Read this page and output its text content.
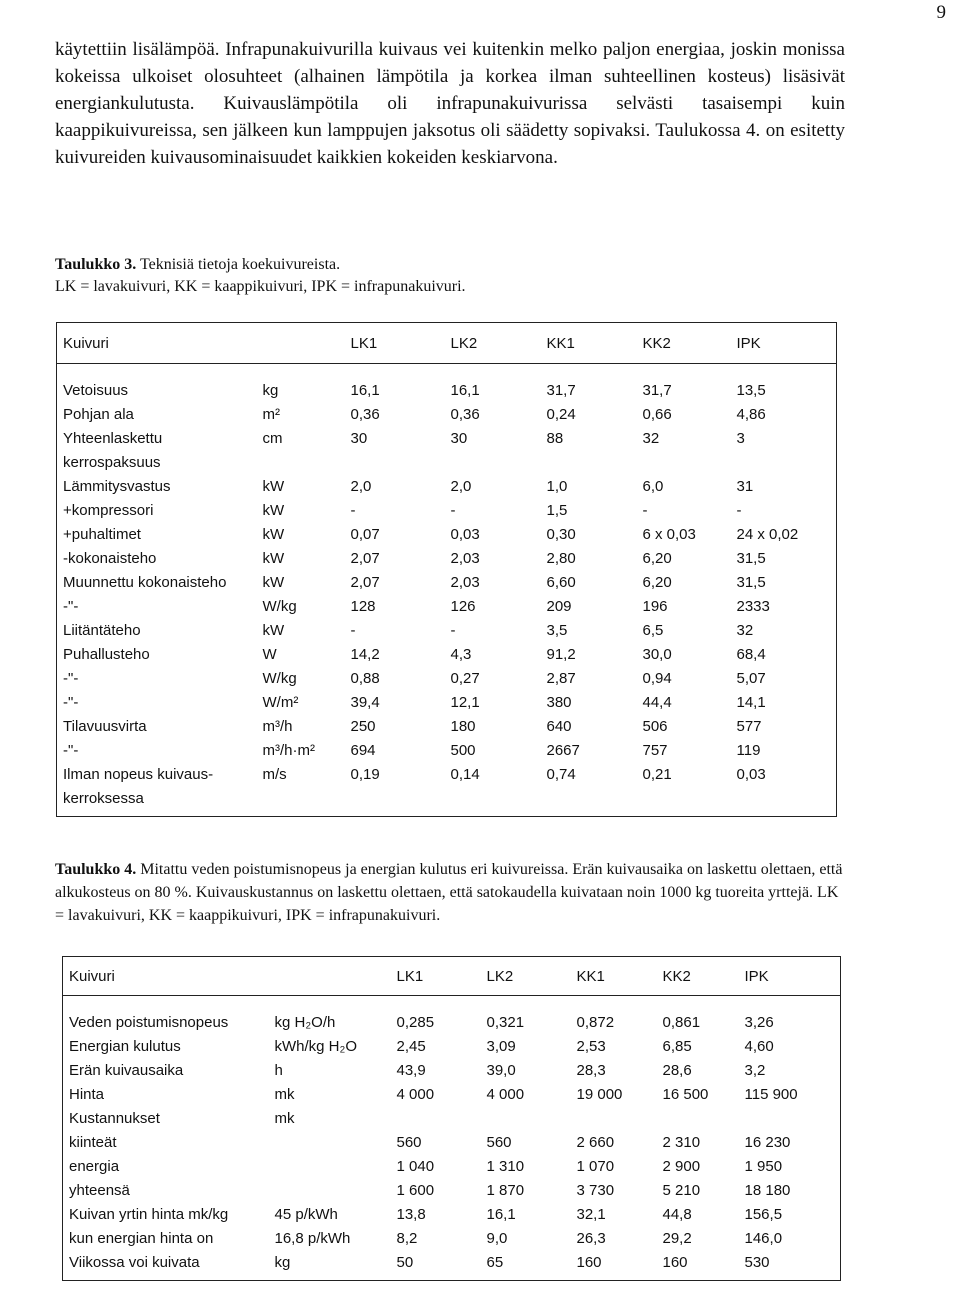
9

käytettiin lisälämpöä. Infrapunakuivurilla kuivaus vei kuitenkin melko paljon energiaa, joskin monissa kokeissa ulkoiset olosuhteet (alhainen lämpötila ja korkea ilman suhteellinen kosteus) lisäsivät energiankulutusta. Kuivauslämpötila oli infrapunakuivurissa selvästi tasaisempi kuin kaappikuivureissa, sen jälkeen kun lamppujen jaksotus oli säädetty sopivaksi. Taulukossa 4. on esitetty kuivureiden kuivausominaisuudet kaikkien kokeiden keskiarvona.

Taulukko 3. Teknisiä tietoja koekuivureista.
LK = lavakuivuri, KK = kaappikuivuri, IPK = infrapunakuivuri.

Kuivuri		LK1	LK2	KK1	KK2	IPK
Vetoisuus	kg	16,1	16,1	31,7	31,7	13,5
Pohjan ala	m²	0,36	0,36	0,24	0,66	4,86
Yhteenlaskettu	cm	30	30	88	32	3
kerrospaksuus						
Lämmitysvastus	kW	2,0	2,0	1,0	6,0	31
+kompressori	kW	-	-	1,5	-	-
+puhaltimet	kW	0,07	0,03	0,30	6 x 0,03	24 x 0,02
-kokonaisteho	kW	2,07	2,03	2,80	6,20	31,5
Muunnettu kokonaisteho	kW	2,07	2,03	6,60	6,20	31,5
-"-	W/kg	128	126	209	196	2333
Liitäntäteho	kW	-	-	3,5	6,5	32
Puhallusteho	W	14,2	4,3	91,2	30,0	68,4
-"-	W/kg	0,88	0,27	2,87	0,94	5,07
-"-	W/m²	39,4	12,1	380	44,4	14,1
Tilavuusvirta	m³/h	250	180	640	506	577
-"-	m³/h·m²	694	500	2667	757	119
Ilman nopeus kuivaus-	m/s	0,19	0,14	0,74	0,21	0,03
kerroksessa						

Taulukko 4. Mitattu veden poistumisnopeus ja energian kulutus eri kuivureissa. Erän kuivausaika on laskettu olettaen, että alkukosteus on 80 %. Kuivauskustannus on laskettu olettaen, että satokaudella kuivataan noin 1000 kg tuoreita yrttejä. LK = lavakuivuri, KK = kaappikuivuri, IPK = infrapunakuivuri.

Kuivuri		LK1	LK2	KK1	KK2	IPK
Veden poistumisnopeus	kg H₂O/h	0,285	0,321	0,872	0,861	3,26
Energian kulutus	kWh/kg H₂O	2,45	3,09	2,53	6,85	4,60
Erän kuivausaika	h	43,9	39,0	28,3	28,6	3,2
Hinta	mk	4 000	4 000	19 000	16 500	115 900
Kustannukset	mk					
kiinteät		560	560	2 660	2 310	16 230
energia		1 040	1 310	1 070	2 900	1 950
yhteensä		1 600	1 870	3 730	5 210	18 180
Kuivan yrtin hinta mk/kg	45 p/kWh	13,8	16,1	32,1	44,8	156,5
kun energian hinta on	16,8 p/kWh	8,2	9,0	26,3	29,2	146,0
Viikossa voi kuivata	kg	50	65	160	160	530
